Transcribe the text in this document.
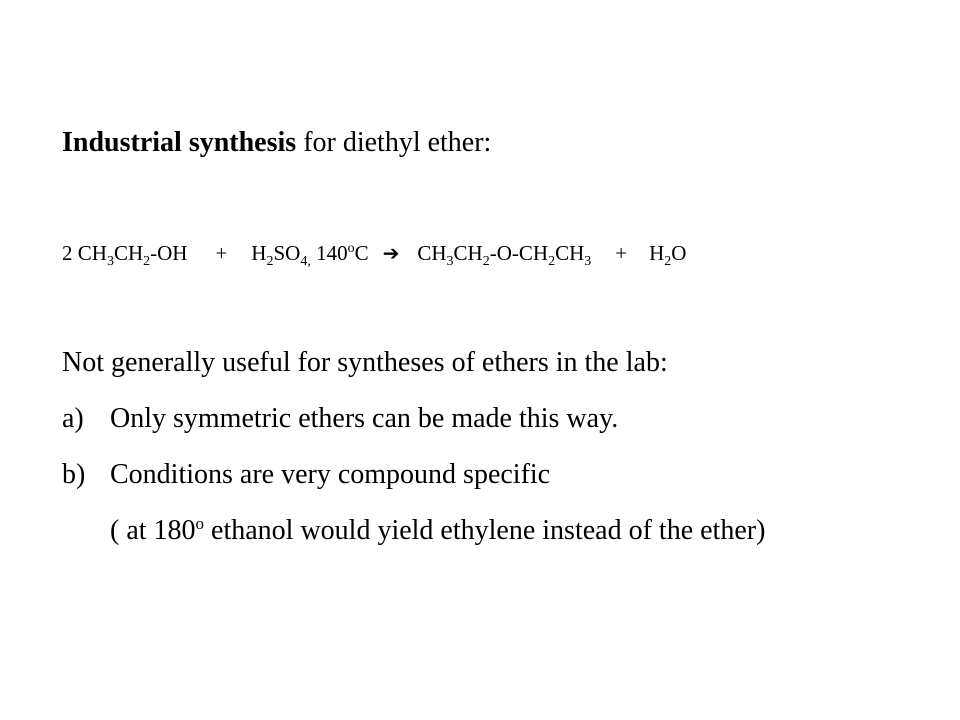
Industrial synthesis for diethyl ether:
2 $CH_3CH_2-OH + H_2SO_{4,}$ 140$^o$C ➔ $CH_3CH_2-O-CH_2CH_3 + H_2O$
Not generally useful for syntheses of ethers in the lab:
a) Only symmetric ethers can be made this way.
b) Conditions are very compound specific
( at 180$^o$ ethanol would yield ethylene instead of the ether)
